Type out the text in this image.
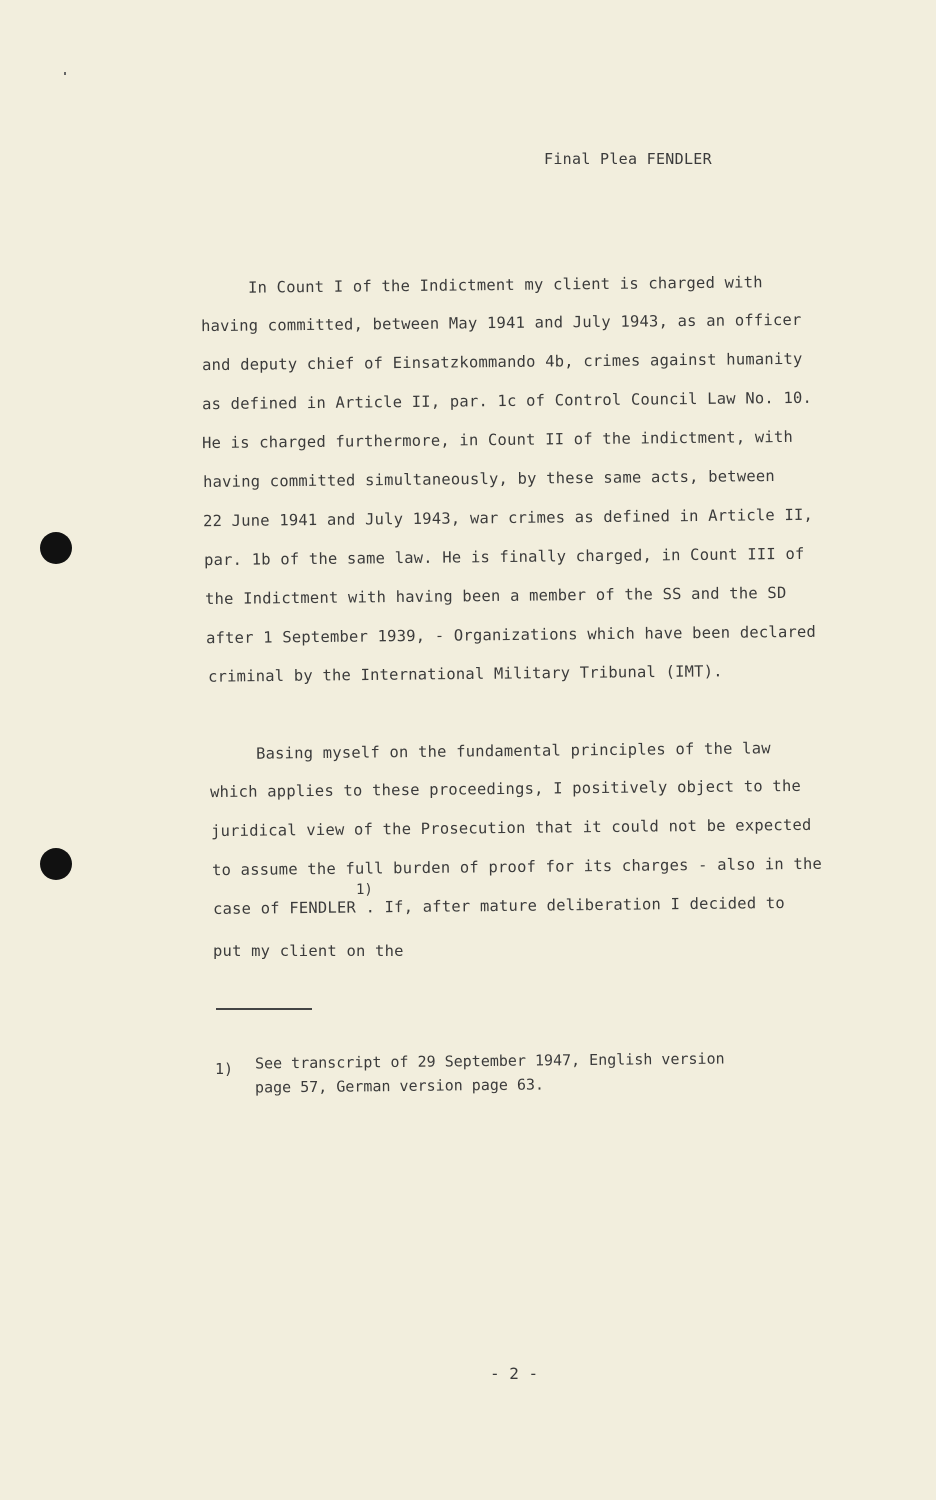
Final Plea FENDLER
In Count I of the Indictment my client is charged with
having committed, between May 1941 and July 1943, as an officer
and deputy chief of Einsatzkommando 4b, crimes against humanity
as defined in Article II, par. 1c of Control Council Law No. 10.
He is charged furthermore, in Count II of the indictment, with
having committed simultaneously, by these same acts, between
22 June 1941 and July 1943, war crimes as defined in Article II,
par. 1b of the same law. He is finally charged, in Count III of
the Indictment with having been a member of the SS and the SD
after 1 September 1939, - Organizations which have been declared
criminal by the International Military Tribunal (IMT).
Basing myself on the fundamental principles of the law
which applies to these proceedings, I positively object to the
juridical view of the Prosecution that it could not be expected
to assume the full burden of proof for its charges - also in the
1)
case of FENDLER . If, after mature deliberation I decided to
put my client on the
1) See transcript of 29 September 1947, English version
page 57, German version page 63.
- 2 -
